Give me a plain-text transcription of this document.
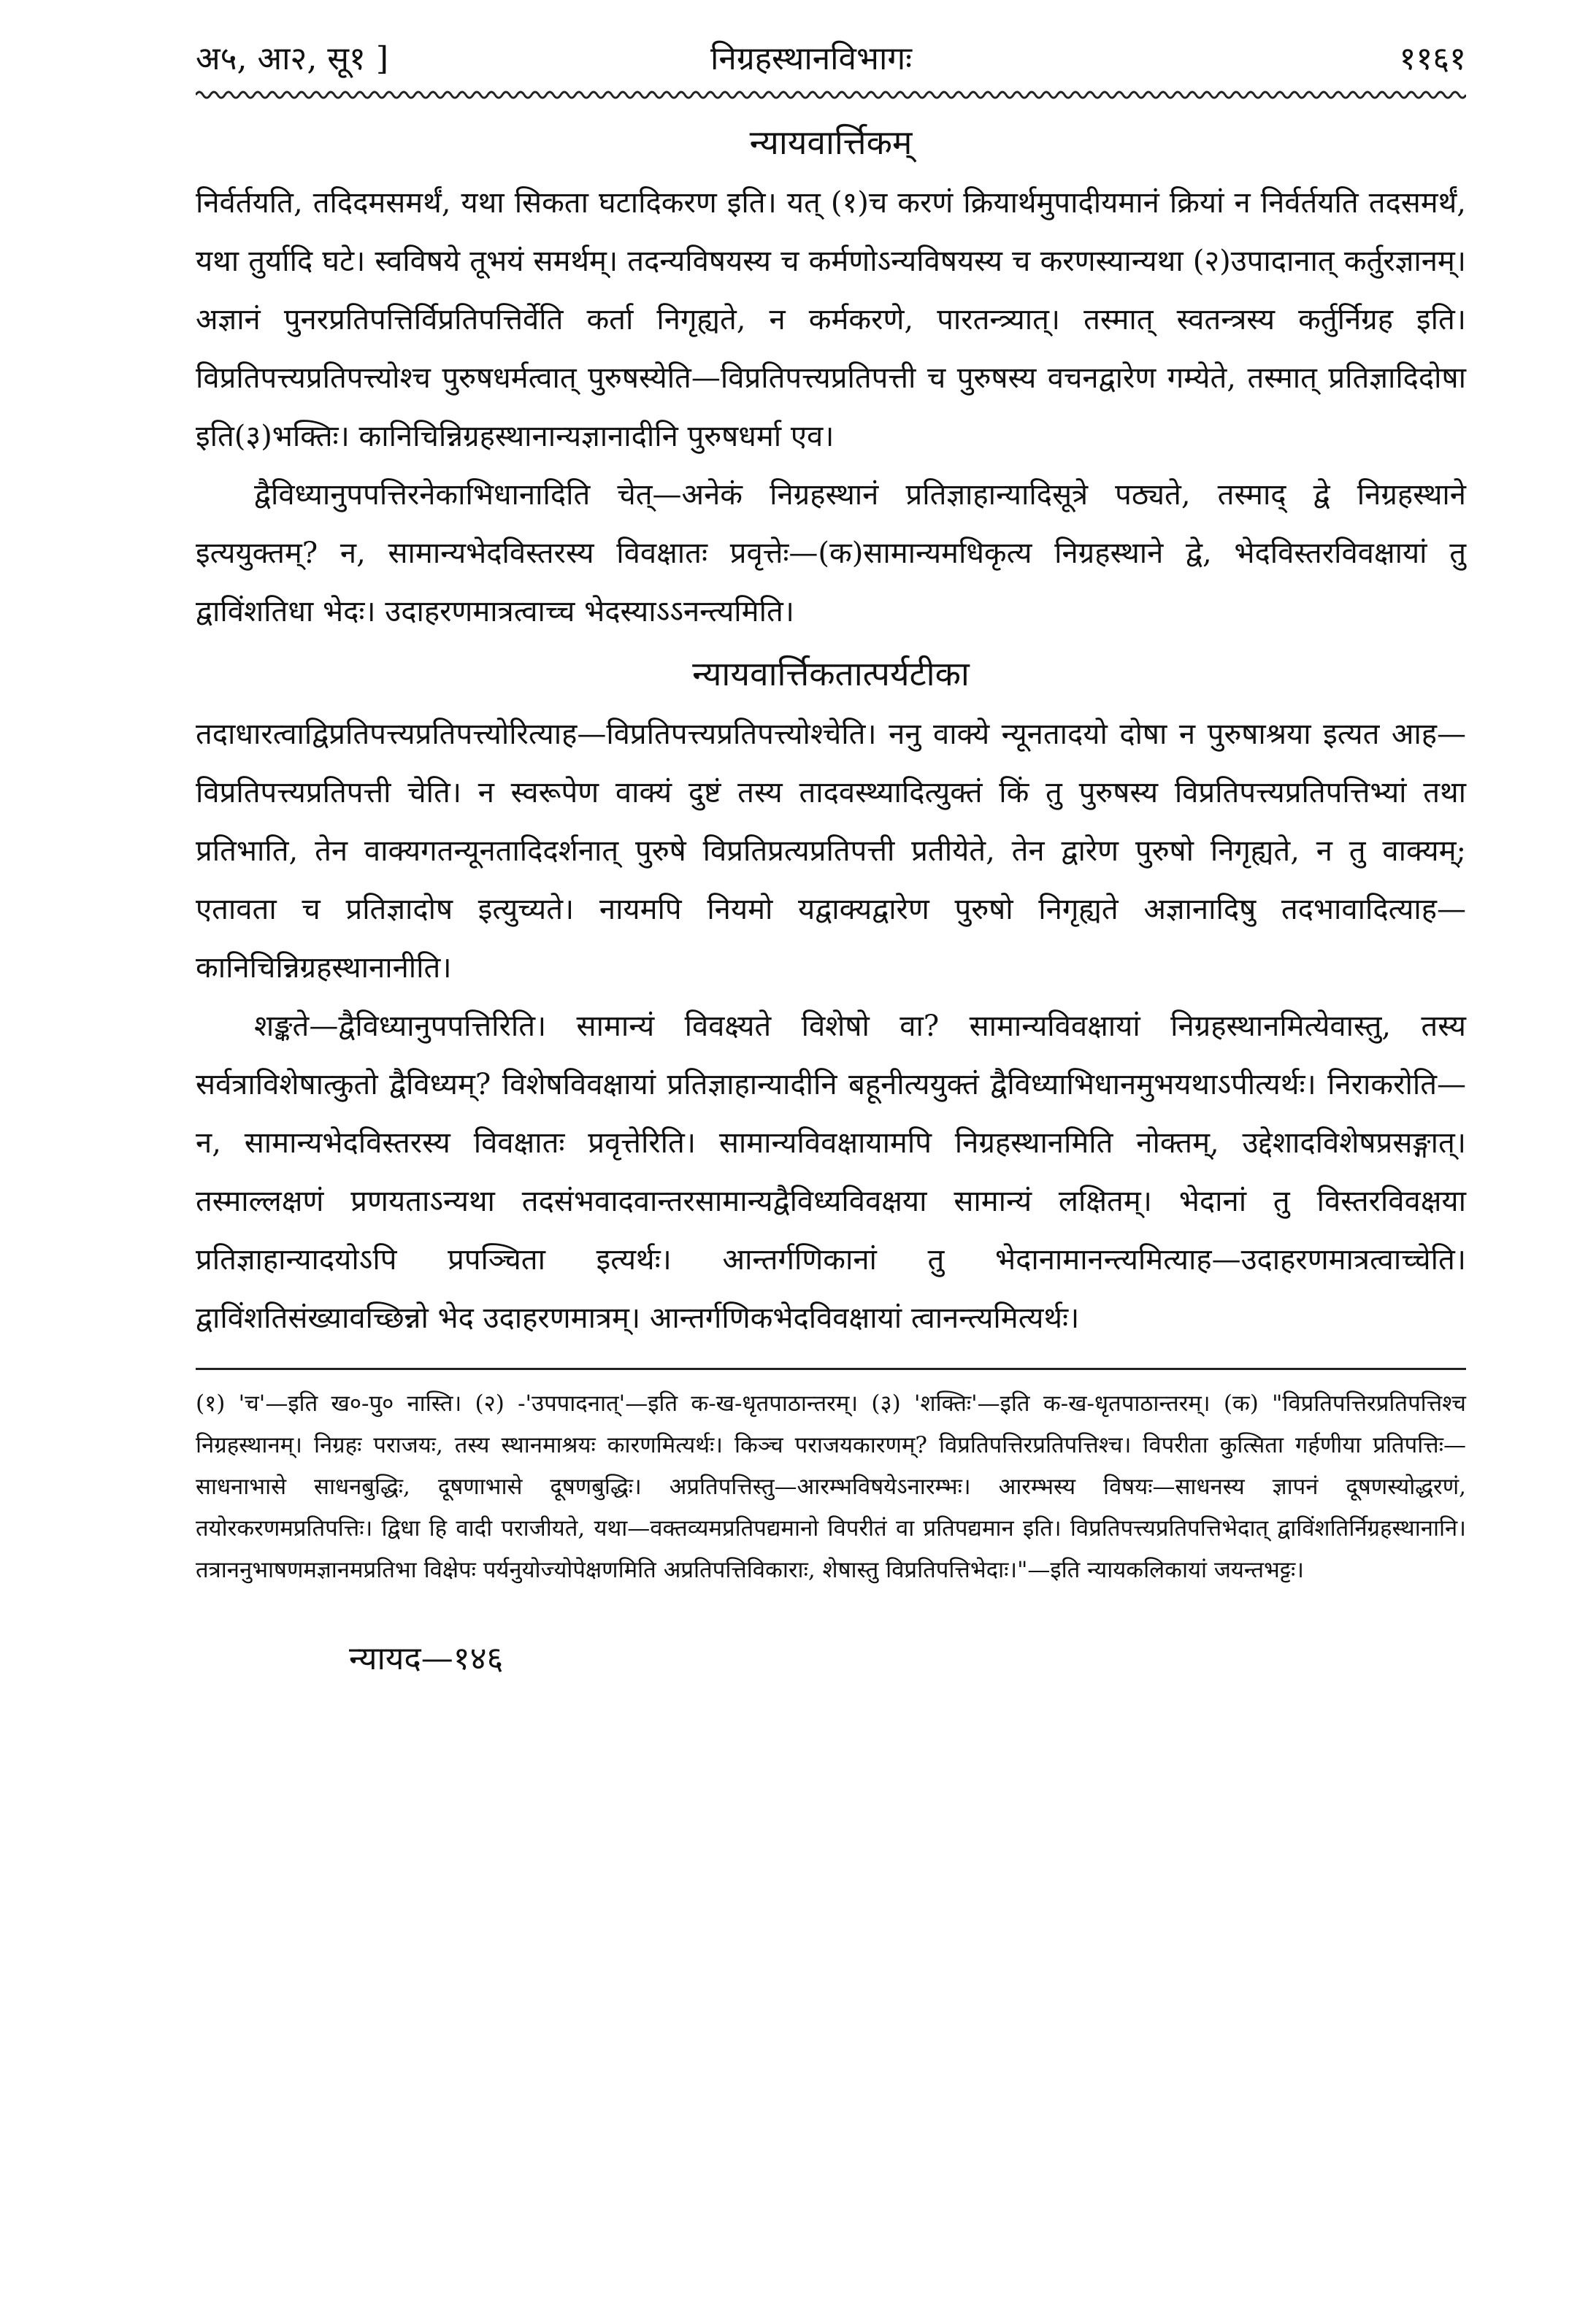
अ५, आ२, सू१ ]	निग्रहस्थानविभागः	११६१
न्यायवार्त्तिकम्

निर्वर्तयति, तदिदमसमर्थं, यथा सिकता घटादिकरण इति। यत् (१)च करणं क्रियार्थमुपादीयमानं क्रियां न निर्वर्तयति तदसमर्थं, यथा तुर्यादि घटे। स्वविषये तूभयं समर्थम्। तदन्यविषयस्य च कर्मणोऽन्यविषयस्य च करणस्यान्यथा (२)उपादानात् कर्तुरज्ञानम्। अज्ञानं पुनरप्रतिपत्तिर्विप्रतिपत्तिर्वेति कर्ता निगृह्यते, न कर्मकरणे, पारतन्त्र्यात्। तस्मात् स्वतन्त्रस्य कर्तुर्निग्रह इति। विप्रतिपत्त्यप्रतिपत्त्योश्च पुरुषधर्मत्वात् पुरुषस्येति—विप्रतिपत्त्यप्रतिपत्ती च पुरुषस्य वचनद्वारेण गम्येते, तस्मात् प्रतिज्ञादिदोषा इति(३)भक्तिः। कानिचिन्निग्रहस्थानान्यज्ञानादीनि पुरुषधर्मा एव।

द्वैविध्यानुपपत्तिरनेकाभिधानादिति चेत्—अनेकं निग्रहस्थानं प्रतिज्ञाहान्यादिसूत्रे पठ्यते, तस्माद् द्वे निग्रहस्थाने इत्ययुक्तम्? न, सामान्यभेदविस्तरस्य विवक्षातः प्रवृत्तेः—(क)सामान्यमधिकृत्य निग्रहस्थाने द्वे, भेदविस्तरविवक्षायां तु द्वाविंशतिधा भेदः। उदाहरणमात्रत्वाच्च भेदस्याऽऽनन्त्यमिति।

न्यायवार्त्तिकतात्पर्यटीका

तदाधारत्वाद्विप्रतिपत्त्यप्रतिपत्त्योरित्याह—विप्रतिपत्त्यप्रतिपत्त्योश्चेति। ननु वाक्ये न्यूनतादयो दोषा न पुरुषाश्रया इत्यत आह—विप्रतिपत्त्यप्रतिपत्ती चेति। न स्वरूपेण वाक्यं दुष्टं तस्य तादवस्थ्यादित्युक्तं किं तु पुरुषस्य विप्रतिपत्त्यप्रतिपत्तिभ्यां तथा प्रतिभाति, तेन वाक्यगतन्यूनतादिदर्शनात् पुरुषे विप्रतिप्रत्यप्रतिपत्ती प्रतीयेते, तेन द्वारेण पुरुषो निगृह्यते, न तु वाक्यम्; एतावता च प्रतिज्ञादोष इत्युच्यते। नायमपि नियमो यद्वाक्यद्वारेण पुरुषो निगृह्यते अज्ञानादिषु तदभावादित्याह—कानिचिन्निग्रहस्थानानीति।

शङ्कते—द्वैविध्यानुपपत्तिरिति। सामान्यं विवक्ष्यते विशेषो वा? सामान्यविवक्षायां निग्रहस्थानमित्येवास्तु, तस्य सर्वत्राविशेषात्कुतो द्वैविध्यम्? विशेषविवक्षायां प्रतिज्ञाहान्यादीनि बहूनीत्ययुक्तं द्वैविध्याभिधानमुभयथाऽपीत्यर्थः। निराकरोति—न, सामान्यभेदविस्तरस्य विवक्षातः प्रवृत्तेरिति। सामान्यविवक्षायामपि निग्रहस्थानमिति नोक्तम्, उद्देशादविशेषप्रसङ्गात्। तस्माल्लक्षणं प्रणयताऽन्यथा तदसंभवादवान्तरसामान्यद्वैविध्यविवक्षया सामान्यं लक्षितम्। भेदानां तु विस्तरविवक्षया प्रतिज्ञाहान्यादयोऽपि प्रपञ्चिता इत्यर्थः। आन्तर्गणिकानां तु भेदानामानन्त्यमित्याह—उदाहरणमात्रत्वाच्चेति। द्वाविंशतिसंख्यावच्छिन्नो भेद उदाहरणमात्रम्। आन्तर्गणिकभेदविवक्षायां त्वानन्त्यमित्यर्थः।

(१) 'च'—इति ख०-पु० नास्ति। (२) -'उपपादनात्'—इति क-ख-धृतपाठान्तरम्। (३) 'शक्तिः'—इति क-ख-धृतपाठान्तरम्। (क) "विप्रतिपत्तिरप्रतिपत्तिश्च निग्रहस्थानम्। निग्रहः पराजयः, तस्य स्थानमाश्रयः कारणमित्यर्थः। किञ्च पराजयकारणम्? विप्रतिपत्तिरप्रतिपत्तिश्च। विपरीता कुत्सिता गर्हणीया प्रतिपत्तिः—साधनाभासे साधनबुद्धिः, दूषणाभासे दूषणबुद्धिः। अप्रतिपत्तिस्तु—आरम्भविषयेऽनारम्भः। आरम्भस्य विषयः—साधनस्य ज्ञापनं दूषणस्योद्धरणं, तयोरकरणमप्रतिपत्तिः। द्विधा हि वादी पराजीयते, यथा—वक्तव्यमप्रतिपद्यमानो विपरीतं वा प्रतिपद्यमान इति। विप्रतिपत्त्यप्रतिपत्तिभेदात् द्वाविंशतिर्निग्रहस्थानानि। तत्राननुभाषणमज्ञानमप्रतिभा विक्षेपः पर्यनुयोज्योपेक्षणमिति अप्रतिपत्तिविकाराः, शेषास्तु विप्रतिपत्तिभेदाः।"—इति न्यायकलिकायां जयन्तभट्टः।

न्यायद—१४६
